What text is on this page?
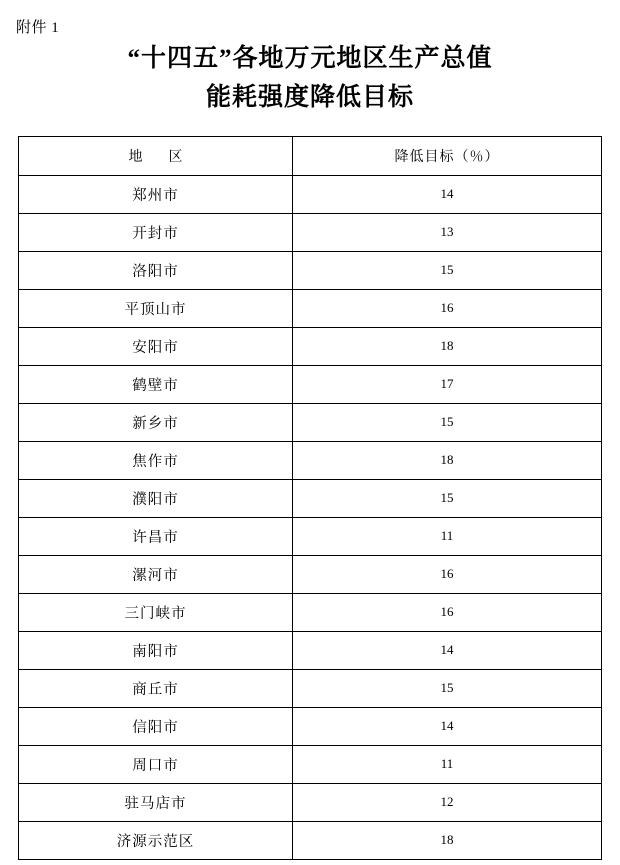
附件 1
“十四五”各地万元地区生产总值
能耗强度降低目标
地　区	降低目标（％）
郑州市	14
开封市	13
洛阳市	15
平顶山市	16
安阳市	18
鹤壁市	17
新乡市	15
焦作市	18
濮阳市	15
许昌市	11
漯河市	16
三门峡市	16
南阳市	14
商丘市	15
信阳市	14
周口市	11
驻马店市	12
济源示范区	18
